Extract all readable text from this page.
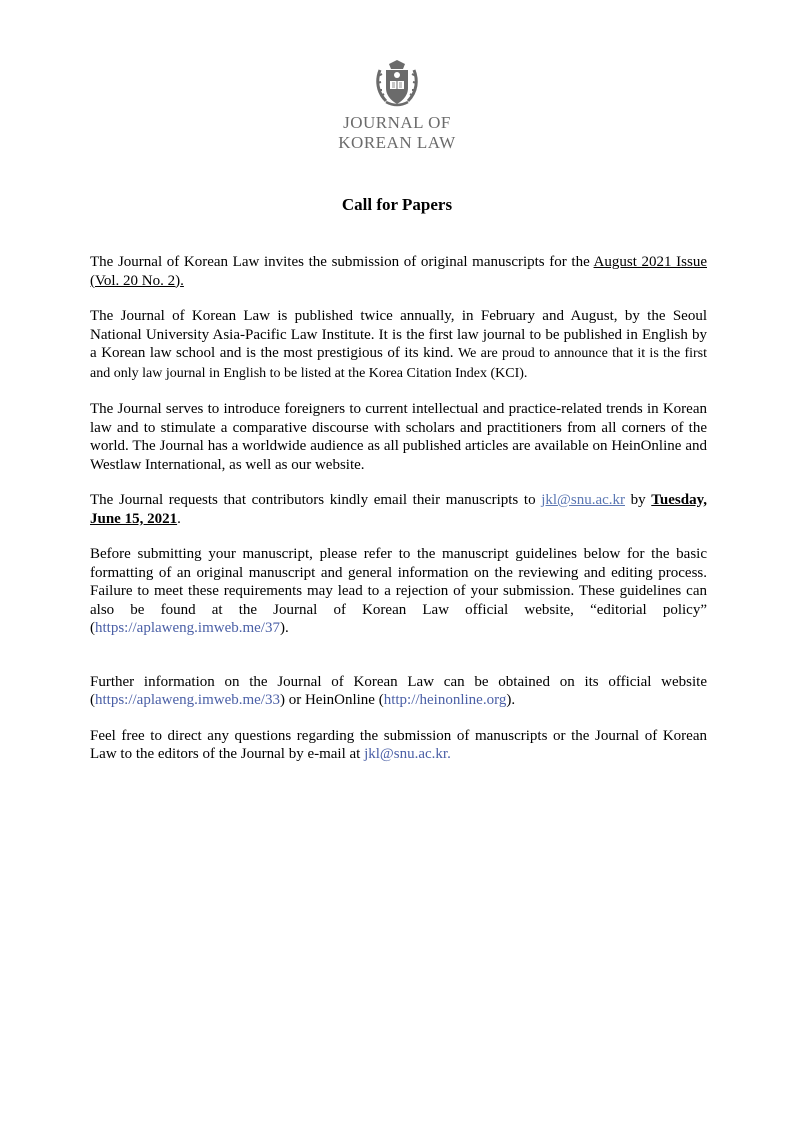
JOURNAL OF
KOREAN LAW
Call for Papers

The Journal of Korean Law invites the submission of original manuscripts for the August 2021 Issue (Vol. 20 No. 2).

The Journal of Korean Law is published twice annually, in February and August, by the Seoul National University Asia-Pacific Law Institute. It is the first law journal to be published in English by a Korean law school and is the most prestigious of its kind. We are proud to announce that it is the first and only law journal in English to be listed at the Korea Citation Index (KCI).

The Journal serves to introduce foreigners to current intellectual and practice-related trends in Korean law and to stimulate a comparative discourse with scholars and practitioners from all corners of the world. The Journal has a worldwide audience as all published articles are available on HeinOnline and Westlaw International, as well as our website.

The Journal requests that contributors kindly email their manuscripts to jkl@snu.ac.kr by Tuesday, June 15, 2021.

Before submitting your manuscript, please refer to the manuscript guidelines below for the basic formatting of an original manuscript and general information on the reviewing and editing process. Failure to meet these requirements may lead to a rejection of your submission. These guidelines can also be found at the Journal of Korean Law official website, “editorial policy” (https://aplaweng.imweb.me/37).

Further information on the Journal of Korean Law can be obtained on its official website (https://aplaweng.imweb.me/33) or HeinOnline (http://heinonline.org).

Feel free to direct any questions regarding the submission of manuscripts or the Journal of Korean Law to the editors of the Journal by e-mail at jkl@snu.ac.kr.
